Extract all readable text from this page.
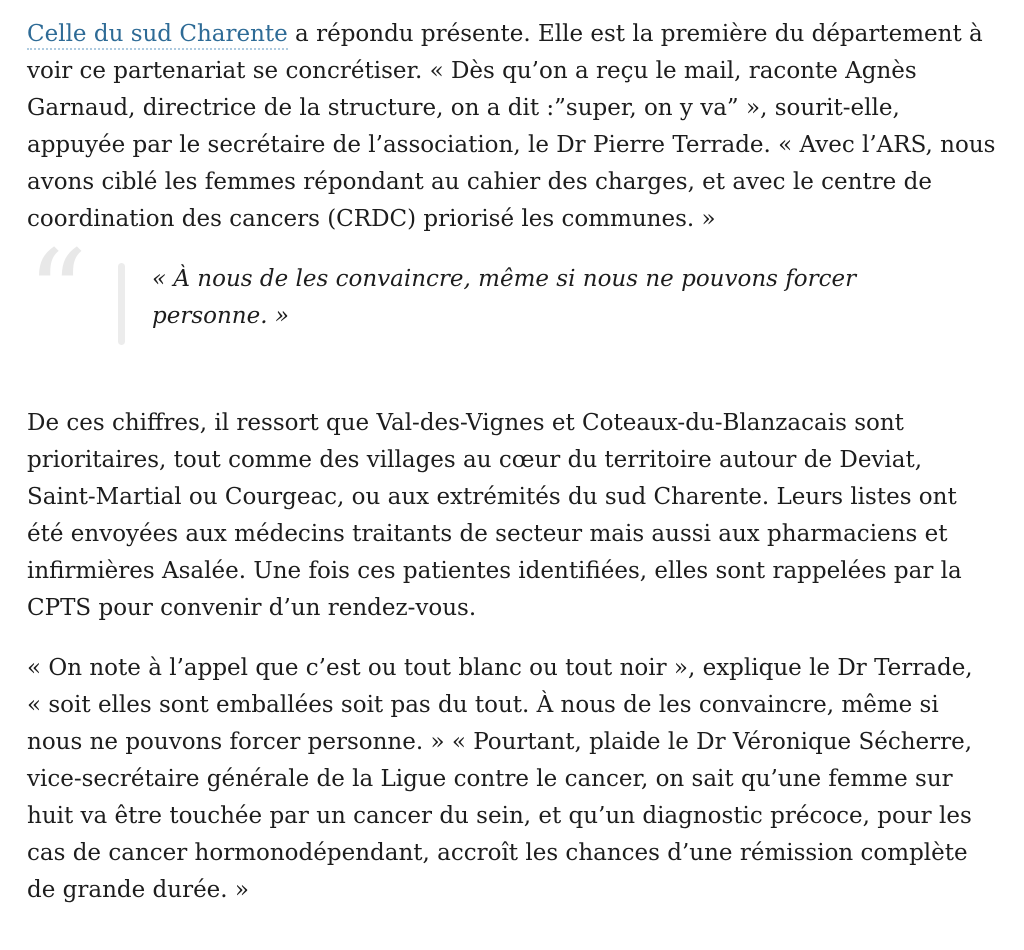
Celle du sud Charente a répondu présente. Elle est la première du département à voir ce partenariat se concrétiser. « Dès qu’on a reçu le mail, raconte Agnès Garnaud, directrice de la structure, on a dit :”super, on y va” », sourit-elle, appuyée par le secrétaire de l’association, le Dr Pierre Terrade. « Avec l’ARS, nous avons ciblé les femmes répondant au cahier des charges, et avec le centre de coordination des cancers (CRDC) priorisé les communes. »

“	« À nous de les convaincre, même si nous ne pouvons forcer personne. »

De ces chiffres, il ressort que Val-des-Vignes et Coteaux-du-Blanzacais sont prioritaires, tout comme des villages au cœur du territoire autour de Deviat, Saint-Martial ou Courgeac, ou aux extrémités du sud Charente. Leurs listes ont été envoyées aux médecins traitants de secteur mais aussi aux pharmaciens et infirmières Asalée. Une fois ces patientes identifiées, elles sont rappelées par la CPTS pour convenir d’un rendez-vous.

« On note à l’appel que c’est ou tout blanc ou tout noir », explique le Dr Terrade, « soit elles sont emballées soit pas du tout. À nous de les convaincre, même si nous ne pouvons forcer personne. » « Pourtant, plaide le Dr Véronique Sécherre, vice-secrétaire générale de la Ligue contre le cancer, on sait qu’une femme sur huit va être touchée par un cancer du sein, et qu’un diagnostic précoce, pour les cas de cancer hormonodépendant, accroît les chances d’une rémission complète de grande durée. »
